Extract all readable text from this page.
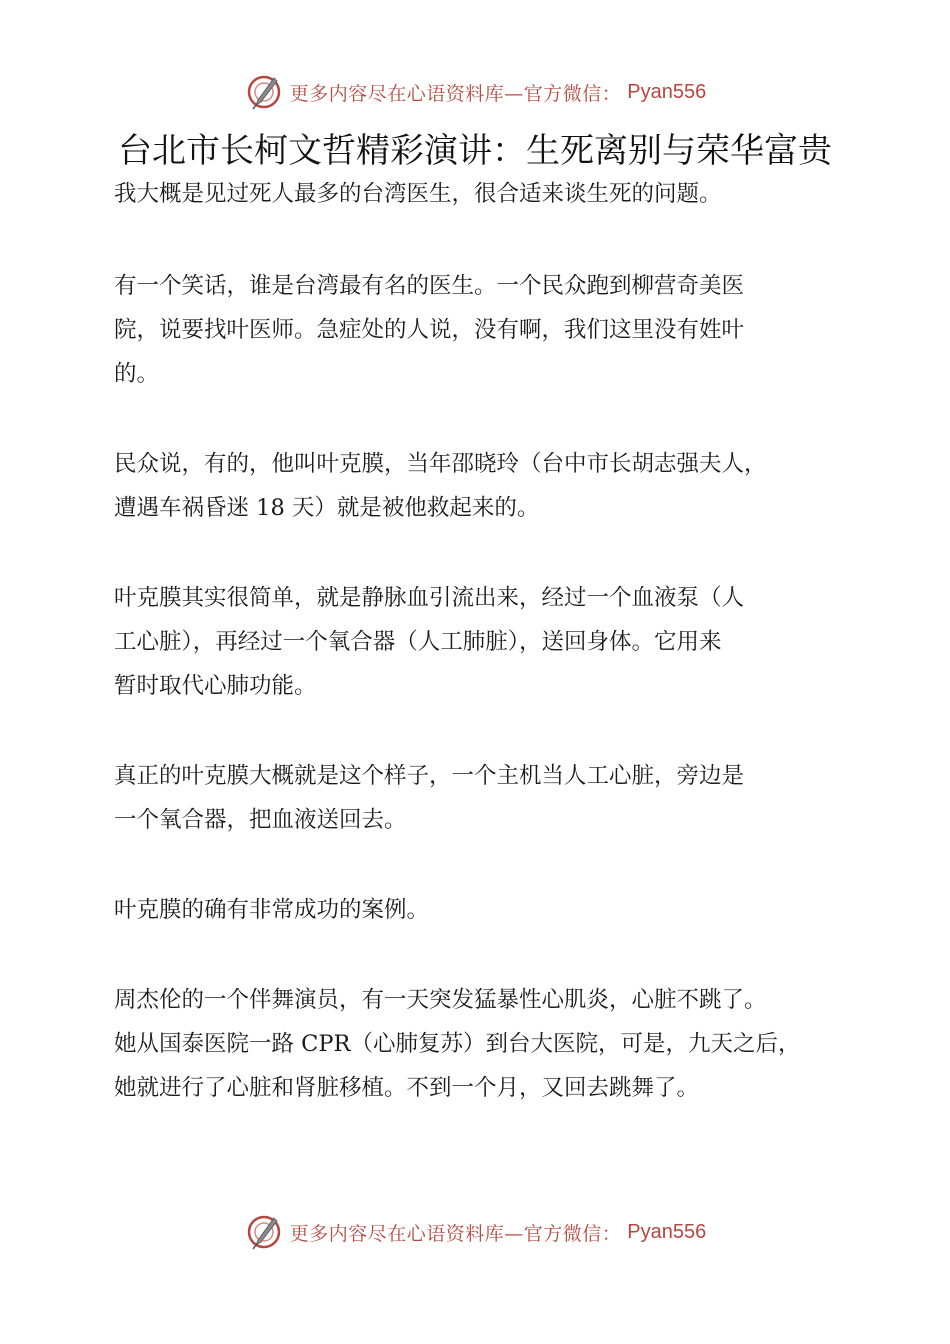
更多内容尽在心语资料库—官方微信： Pyan556
台北市长柯文哲精彩演讲：生死离别与荣华富贵

我大概是见过死人最多的台湾医生，很合适来谈生死的问题。

有一个笑话，谁是台湾最有名的医生。一个民众跑到柳营奇美医
院，说要找叶医师。急症处的人说，没有啊，我们这里没有姓叶
的。

民众说，有的，他叫叶克膜，当年邵晓玲（台中市长胡志强夫人，
遭遇车祸昏迷 18 天）就是被他救起来的。

叶克膜其实很简单，就是静脉血引流出来，经过一个血液泵（人
工心脏），再经过一个氧合器（人工肺脏），送回身体。它用来
暂时取代心肺功能。

真正的叶克膜大概就是这个样子，一个主机当人工心脏，旁边是
一个氧合器，把血液送回去。

叶克膜的确有非常成功的案例。

周杰伦的一个伴舞演员，有一天突发猛暴性心肌炎，心脏不跳了。
她从国泰医院一路 CPR（心肺复苏）到台大医院，可是，九天之后，
她就进行了心脏和肾脏移植。不到一个月，又回去跳舞了。

更多内容尽在心语资料库—官方微信： Pyan556
